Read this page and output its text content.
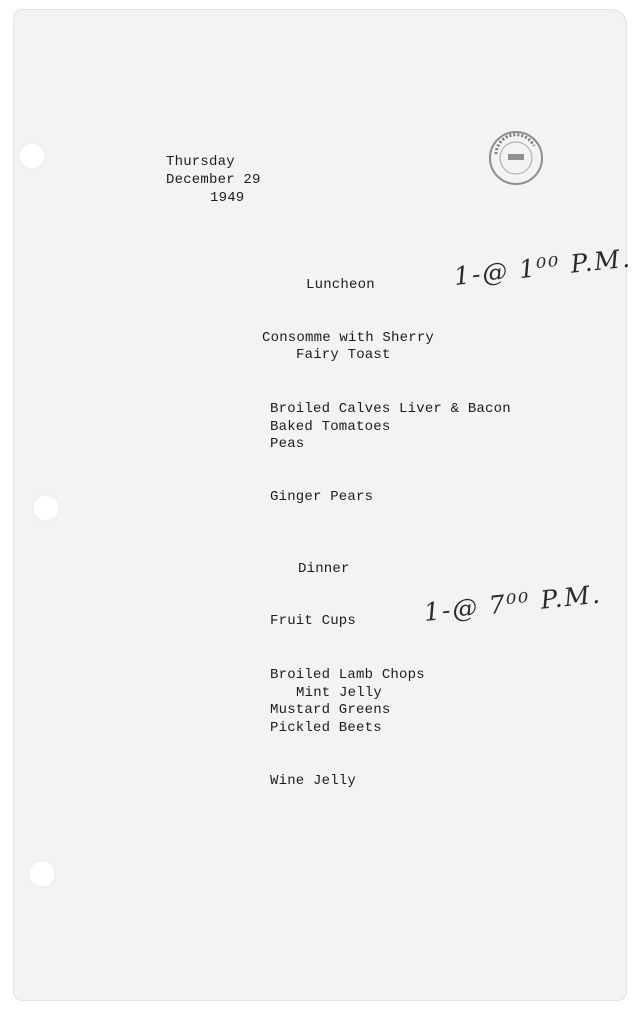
Thursday
December 29
1949
Luncheon	1-@ 1⁰⁰ P.M.
Consomme with Sherry
Fairy Toast
Broiled Calves Liver & Bacon
Baked Tomatoes
Peas
Ginger Pears
Dinner
1-@ 7⁰⁰ P.M.
Fruit Cups
Broiled Lamb Chops
Mint Jelly
Mustard Greens
Pickled Beets
Wine Jelly
